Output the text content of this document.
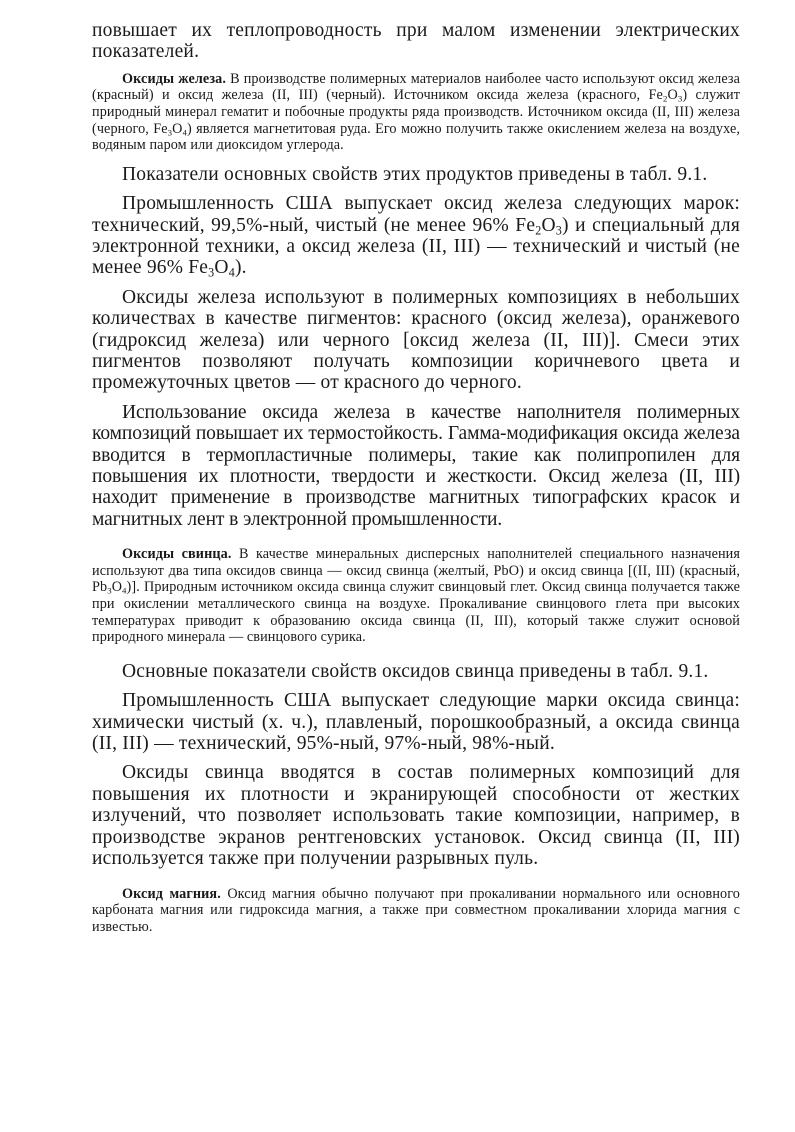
повышает их теплопроводность при малом изменении электрических показателей.

Оксиды железа. В производстве полимерных материалов наиболее часто используют оксид железа (красный) и оксид железа (II, III) (черный). Источником оксида железа (красного, $Fe_2O_3$) служит природный минерал гематит и побочные продукты ряда производств. Источником оксида (II, III) железа (черного, $Fe_3O_4$) является магнетитовая руда. Его можно получить также окислением железа на воздухе, водяным паром или диоксидом углерода.

Показатели основных свойств этих продуктов приведены в табл. 9.1.

Промышленность США выпускает оксид железа следующих марок: технический, 99,5%-ный, чистый (не менее 96% $Fe_2O_3$) и специальный для электронной техники, а оксид железа (II, III) — технический и чистый (не менее 96% $Fe_3O_4$).

Оксиды железа используют в полимерных композициях в небольших количествах в качестве пигментов: красного (оксид железа), оранжевого (гидроксид железа) или черного [оксид железа (II, III)]. Смеси этих пигментов позволяют получать композиции коричневого цвета и промежуточных цветов — от красного до черного.

Использование оксида железа в качестве наполнителя полимерных композиций повышает их термостойкость. Гамма-модификация оксида железа вводится в термопластичные полимеры, такие как полипропилен для повышения их плотности, твердости и жесткости. Оксид железа (II, III) находит применение в производстве магнитных типографских красок и магнитных лент в электронной промышленности.

Оксиды свинца. В качестве минеральных дисперсных наполнителей специального назначения используют два типа оксидов свинца — оксид свинца (желтый, PbO) и оксид свинца [(II, III) (красный, $Pb_3O_4$)]. Природным источником оксида свинца служит свинцовый глет. Оксид свинца получается также при окислении металлического свинца на воздухе. Прокаливание свинцового глета при высоких температурах приводит к образованию оксида свинца (II, III), который также служит основой природного минерала — свинцового сурика.

Основные показатели свойств оксидов свинца приведены в табл. 9.1.

Промышленность США выпускает следующие марки оксида свинца: химически чистый (х. ч.), плавленый, порошкообразный, а оксида свинца (II, III) — технический, 95%-ный, 97%-ный, 98%-ный.

Оксиды свинца вводятся в состав полимерных композиций для повышения их плотности и экранирующей способности от жестких излучений, что позволяет использовать такие композиции, например, в производстве экранов рентгеновских установок. Оксид свинца (II, III) используется также при получении разрывных пуль.

Оксид магния. Оксид магния обычно получают при прокаливании нормального или основного карбоната магния или гидроксида магния, а также при совместном прокаливании хлорида магния с известью.
